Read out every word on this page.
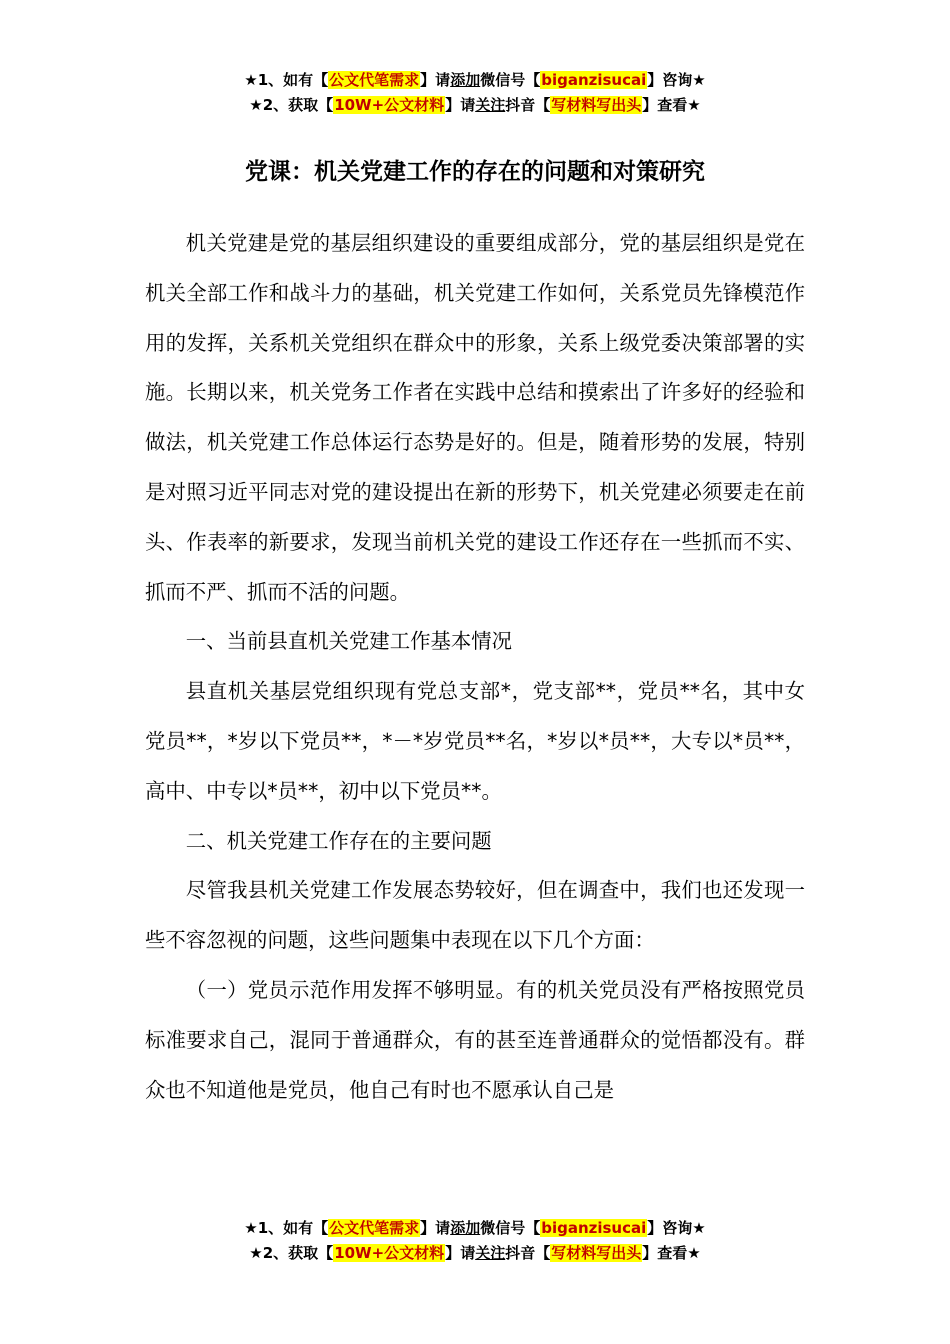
★1、如有【公文代笔需求】请添加微信号【biganzisucai】咨询★
★2、获取【10W+公文材料】请关注抖音【写材料写出头】查看★
党课：机关党建工作的存在的问题和对策研究

机关党建是党的基层组织建设的重要组成部分，党的基层组织是党在机关全部工作和战斗力的基础，机关党建工作如何，关系党员先锋模范作用的发挥，关系机关党组织在群众中的形象，关系上级党委决策部署的实施。长期以来，机关党务工作者在实践中总结和摸索出了许多好的经验和做法，机关党建工作总体运行态势是好的。但是，随着形势的发展，特别是对照习近平同志对党的建设提出在新的形势下，机关党建必须要走在前头、作表率的新要求，发现当前机关党的建设工作还存在一些抓而不实、抓而不严、抓而不活的问题。

一、当前县直机关党建工作基本情况

县直机关基层党组织现有党总支部*，党支部**，党员**名，其中女党员**，*岁以下党员**，*－*岁党员**名，*岁以*员**，大专以*员**，高中、中专以*员**，初中以下党员**。

二、机关党建工作存在的主要问题

尽管我县机关党建工作发展态势较好，但在调查中，我们也还发现一些不容忽视的问题，这些问题集中表现在以下几个方面：

（一）党员示范作用发挥不够明显。有的机关党员没有严格按照党员标准要求自己，混同于普通群众，有的甚至连普通群众的觉悟都没有。群众也不知道他是党员，他自己有时也不愿承认自己是

★1、如有【公文代笔需求】请添加微信号【biganzisucai】咨询★
★2、获取【10W+公文材料】请关注抖音【写材料写出头】查看★
